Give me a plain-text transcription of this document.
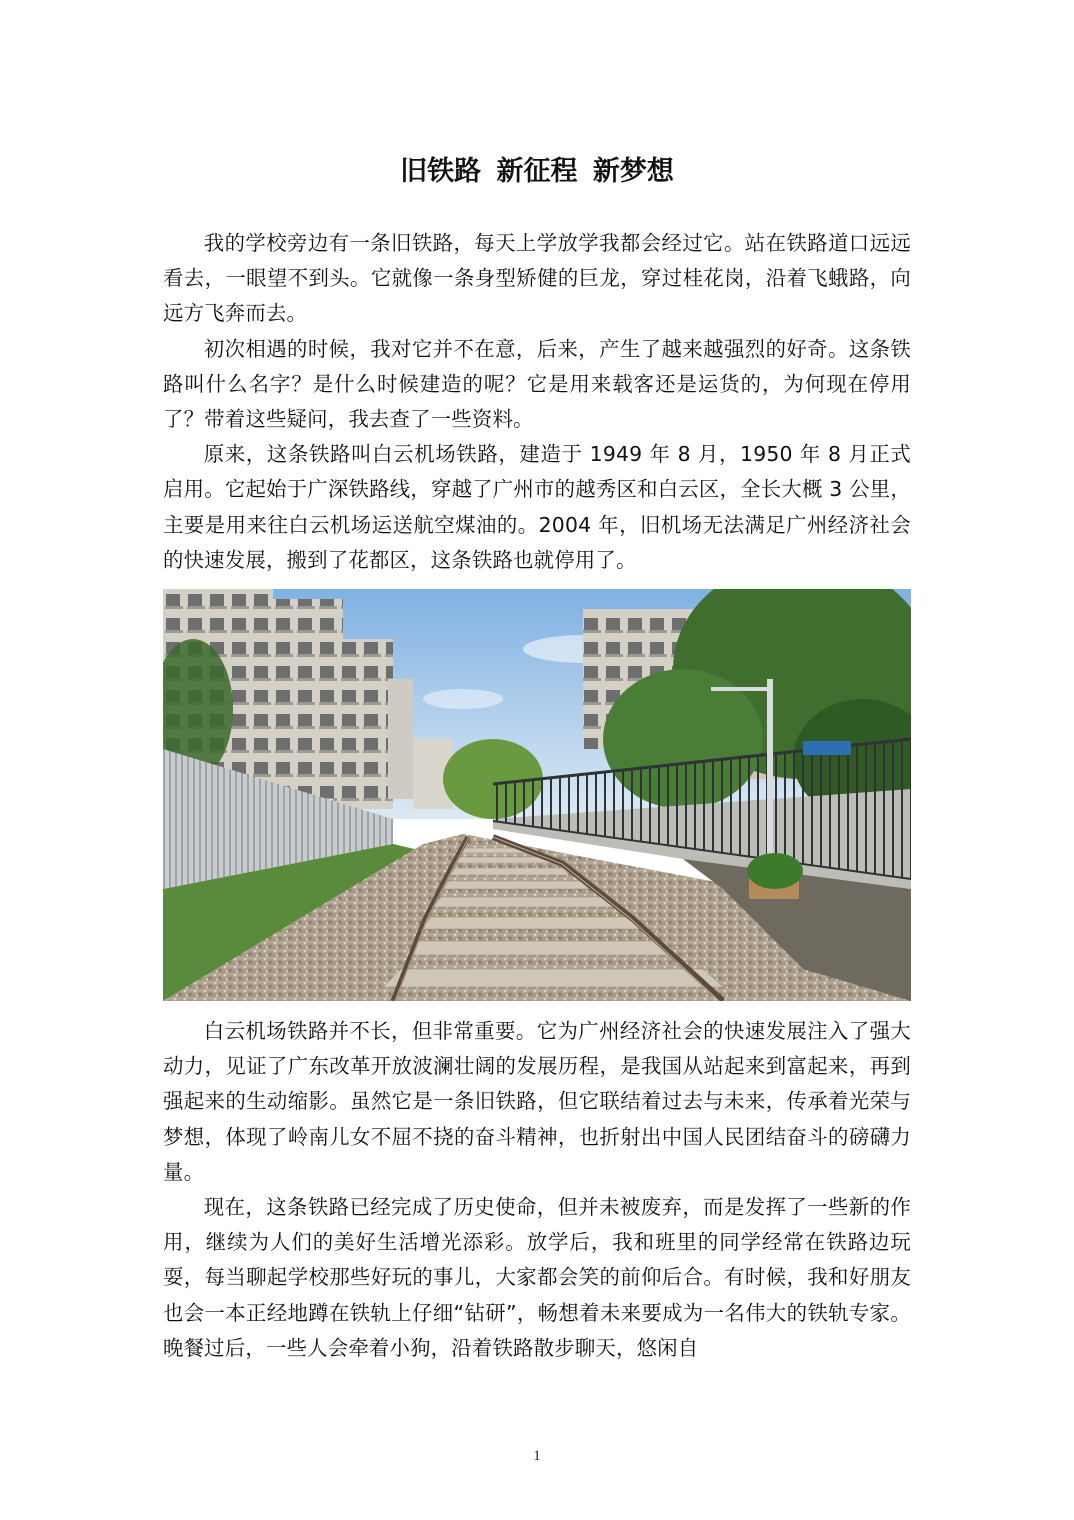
旧铁路 新征程 新梦想

我的学校旁边有一条旧铁路，每天上学放学我都会经过它。站在铁路道口远远看去，一眼望不到头。它就像一条身型矫健的巨龙，穿过桂花岗，沿着飞蛾路，向远方飞奔而去。

初次相遇的时候，我对它并不在意，后来，产生了越来越强烈的好奇。这条铁路叫什么名字？是什么时候建造的呢？它是用来载客还是运货的，为何现在停用了？带着这些疑问，我去查了一些资料。

原来，这条铁路叫白云机场铁路，建造于 1949 年 8 月，1950 年 8 月正式启用。它起始于广深铁路线，穿越了广州市的越秀区和白云区，全长大概 3 公里，主要是用来往白云机场运送航空煤油的。2004 年，旧机场无法满足广州经济社会的快速发展，搬到了花都区，这条铁路也就停用了。

白云机场铁路并不长，但非常重要。它为广州经济社会的快速发展注入了强大动力，见证了广东改革开放波澜壮阔的发展历程，是我国从站起来到富起来，再到强起来的生动缩影。虽然它是一条旧铁路，但它联结着过去与未来，传承着光荣与梦想，体现了岭南儿女不屈不挠的奋斗精神，也折射出中国人民团结奋斗的磅礴力量。

现在，这条铁路已经完成了历史使命，但并未被废弃，而是发挥了一些新的作用，继续为人们的美好生活增光添彩。放学后，我和班里的同学经常在铁路边玩耍，每当聊起学校那些好玩的事儿，大家都会笑的前仰后合。有时候，我和好朋友也会一本正经地蹲在铁轨上仔细“钻研”，畅想着未来要成为一名伟大的铁轨专家。晚餐过后，一些人会牵着小狗，沿着铁路散步聊天，悠闲自

1
